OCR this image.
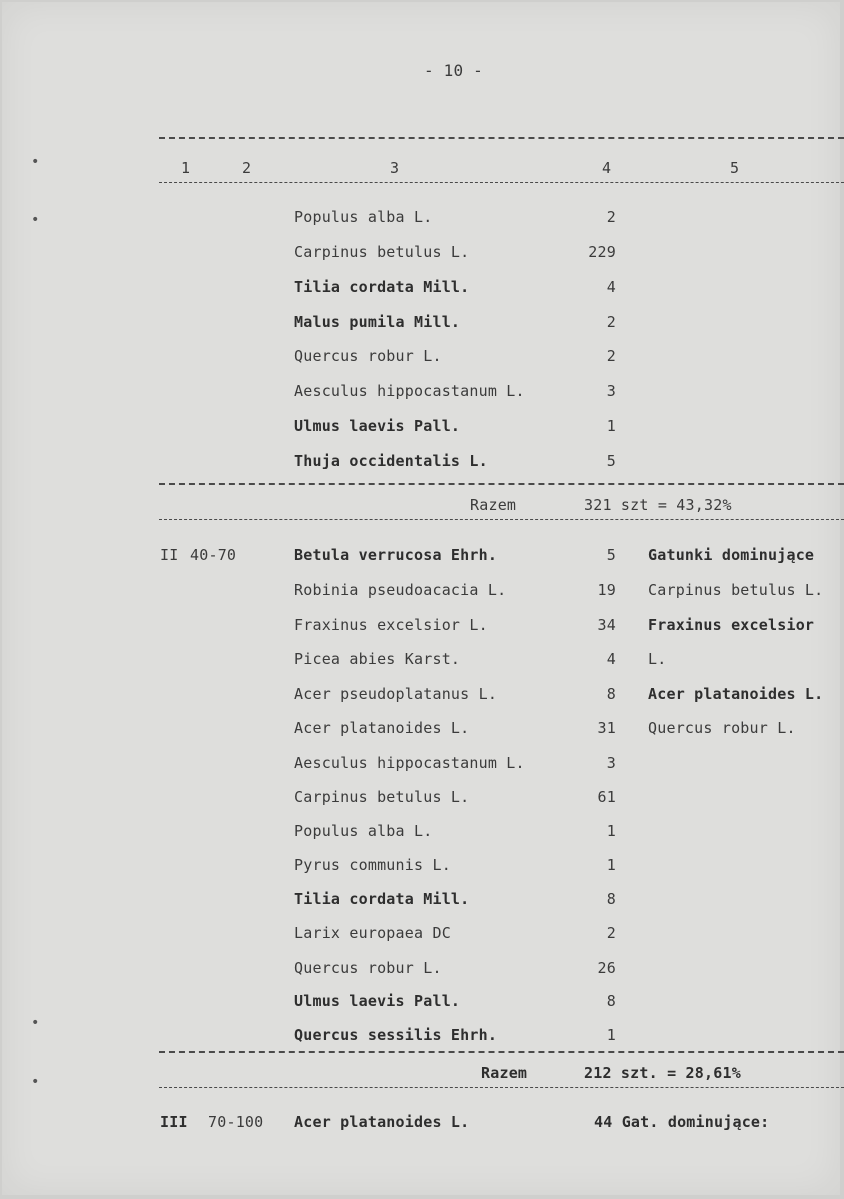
•
•
•
•
- 10 -
1	2	3	4	5
Populus alba L.	2
Carpinus betulus L.	229
Tilia cordata Mill.	4
Malus pumila Mill.	2
Quercus robur L.	2
Aesculus hippocastanum L.	3
Ulmus laevis Pall.	1
Thuja occidentalis L.	5
Razem	321 szt = 43,32%
II 40-70	Betula verrucosa Ehrh.	5 Gatunki dominujące
Robinia pseudoacacia L.	19 Carpinus betulus L.
Fraxinus excelsior L.	34 Fraxinus excelsior
Picea abies Karst.	4 L.
Acer pseudoplatanus L.	8 Acer platanoides L.
Acer platanoides L.	31 Quercus robur L.
Aesculus hippocastanum L.	3
Carpinus betulus L.	61
Populus alba L.	1
Pyrus communis L.	1
Tilia cordata Mill.	8
Larix europaea DC	2
Quercus robur L.	26
Ulmus laevis Pall.	8
Quercus sessilis Ehrh.	1
Razem	212 szt. = 28,61%
III 70-100 Acer platanoides L.	44 Gat. dominujące:
